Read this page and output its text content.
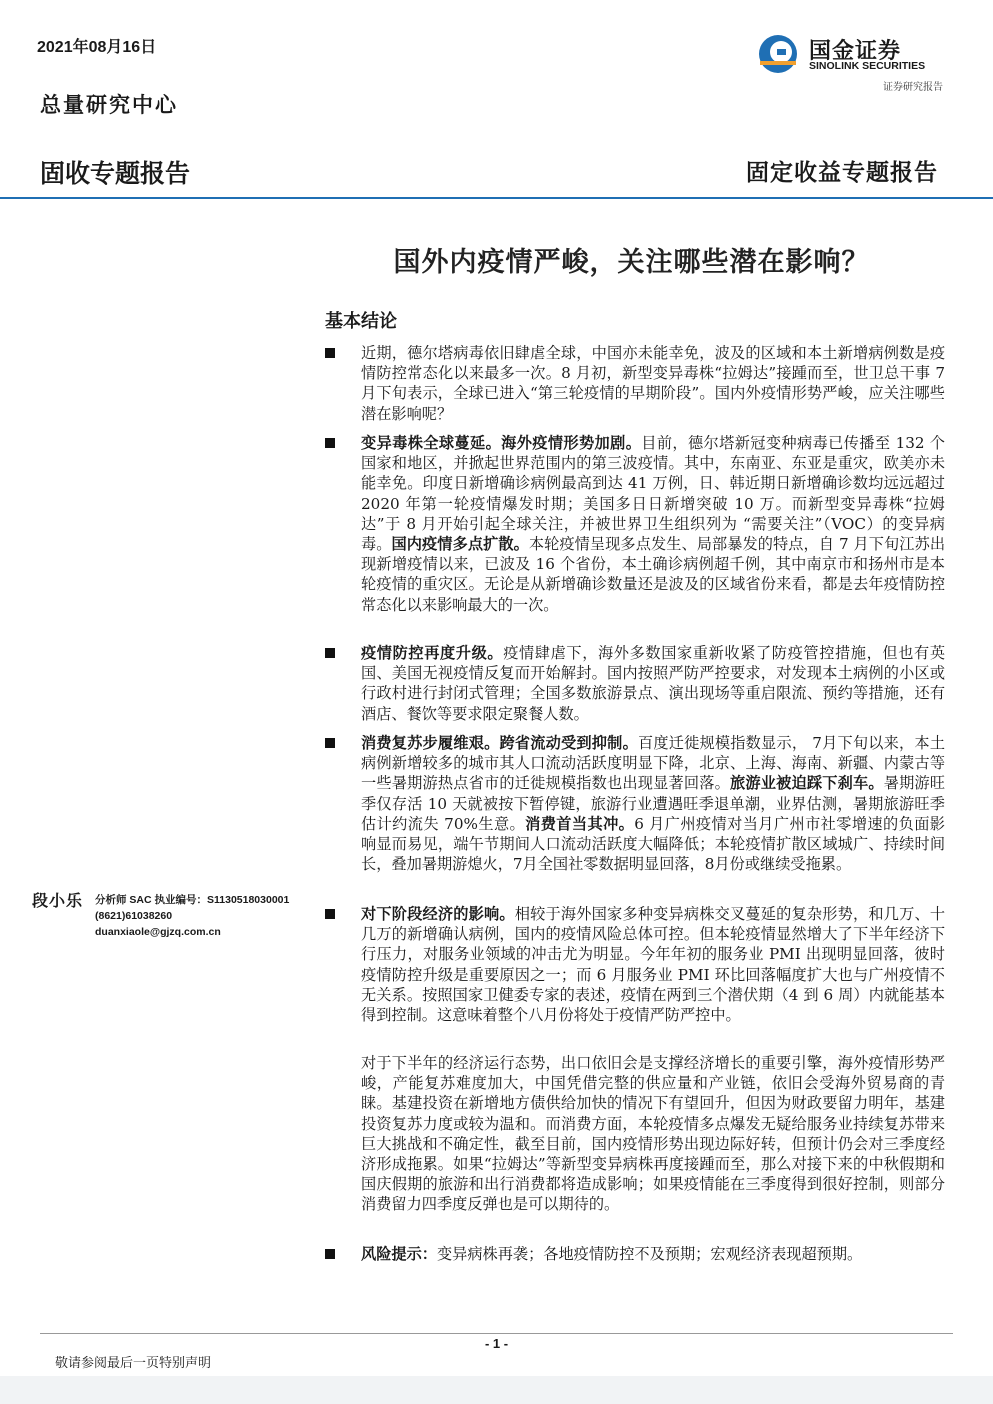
2021年08月16日
总量研究中心
固收专题报告	固定收益专题报告
国金证券
SINOLINK SECURITIES
证券研究报告
国外内疫情严峻，关注哪些潜在影响？
基本结论
近期，德尔塔病毒依旧肆虐全球，中国亦未能幸免，波及的区域和本土新增病例数是疫情防控常态化以来最多一次。8 月初，新型变异毒株“拉姆达”接踵而至，世卫总干事 7 月下旬表示，全球已进入“第三轮疫情的早期阶段”。国内外疫情形势严峻，应关注哪些潜在影响呢？
变异毒株全球蔓延。海外疫情形势加剧。目前，德尔塔新冠变种病毒已传播至 132 个国家和地区，并掀起世界范围内的第三波疫情。其中，东南亚、东亚是重灾，欧美亦未能幸免。印度日新增确诊病例最高到达 41 万例，日、韩近期日新增确诊数均远远超过 2020 年第一轮疫情爆发时期；美国多日日新增突破 10 万。而新型变异毒株“拉姆达”于 8 月开始引起全球关注，并被世界卫生组织列为 “需要关注”（VOC）的变异病毒。国内疫情多点扩散。本轮疫情呈现多点发生、局部暴发的特点，自 7 月下旬江苏出现新增疫情以来，已波及 16 个省份，本土确诊病例超千例，其中南京市和扬州市是本轮疫情的重灾区。无论是从新增确诊数量还是波及的区域省份来看，都是去年疫情防控常态化以来影响最大的一次。
疫情防控再度升级。疫情肆虐下，海外多数国家重新收紧了防疫管控措施，但也有英国、美国无视疫情反复而开始解封。国内按照严防严控要求，对发现本土病例的小区或行政村进行封闭式管理；全国多数旅游景点、演出现场等重启限流、预约等措施，还有酒店、餐饮等要求限定聚餐人数。
消费复苏步履维艰。跨省流动受到抑制。百度迁徙规模指数显示， 7月下旬以来，本土病例新增较多的城市其人口流动活跃度明显下降，北京、上海、海南、新疆、内蒙古等一些暑期游热点省市的迁徙规模指数也出现显著回落。旅游业被迫踩下刹车。暑期游旺季仅存活 10 天就被按下暂停键，旅游行业遭遇旺季退单潮，业界估测，暑期旅游旺季估计约流失 70%生意。消费首当其冲。6 月广州疫情对当月广州市社零增速的负面影响显而易见，端午节期间人口流动活跃度大幅降低；本轮疫情扩散区域城广、持续时间长，叠加暑期游熄火，7月全国社零数据明显回落，8月份或继续受拖累。
对下阶段经济的影响。相较于海外国家多种变异病株交叉蔓延的复杂形势，和几万、十几万的新增确认病例，国内的疫情风险总体可控。但本轮疫情显然增大了下半年经济下行压力，对服务业领域的冲击尤为明显。今年年初的服务业 PMI 出现明显回落，彼时疫情防控升级是重要原因之一；而 6 月服务业 PMI 环比回落幅度扩大也与广州疫情不无关系。按照国家卫健委专家的表述，疫情在两到三个潜伏期（4 到 6 周）内就能基本得到控制。这意味着整个八月份将处于疫情严防严控中。
对于下半年的经济运行态势，出口依旧会是支撑经济增长的重要引擎，海外疫情形势严峻，产能复苏难度加大，中国凭借完整的供应量和产业链，依旧会受海外贸易商的青睐。基建投资在新增地方债供给加快的情况下有望回升，但因为财政要留力明年，基建投资复苏力度或较为温和。而消费方面，本轮疫情多点爆发无疑给服务业持续复苏带来巨大挑战和不确定性，截至目前，国内疫情形势出现边际好转，但预计仍会对三季度经济形成拖累。如果“拉姆达”等新型变异病株再度接踵而至，那么对接下来的中秋假期和国庆假期的旅游和出行消费都将造成影响；如果疫情能在三季度得到很好控制，则部分消费留力四季度反弹也是可以期待的。
风险提示：变异病株再袭；各地疫情防控不及预期；宏观经济表现超预期。
段小乐 分析师 SAC 执业编号：S1130518030001
(8621)61038260
duanxiaole@gjzq.com.cn
- 1 -
敬请参阅最后一页特别声明
